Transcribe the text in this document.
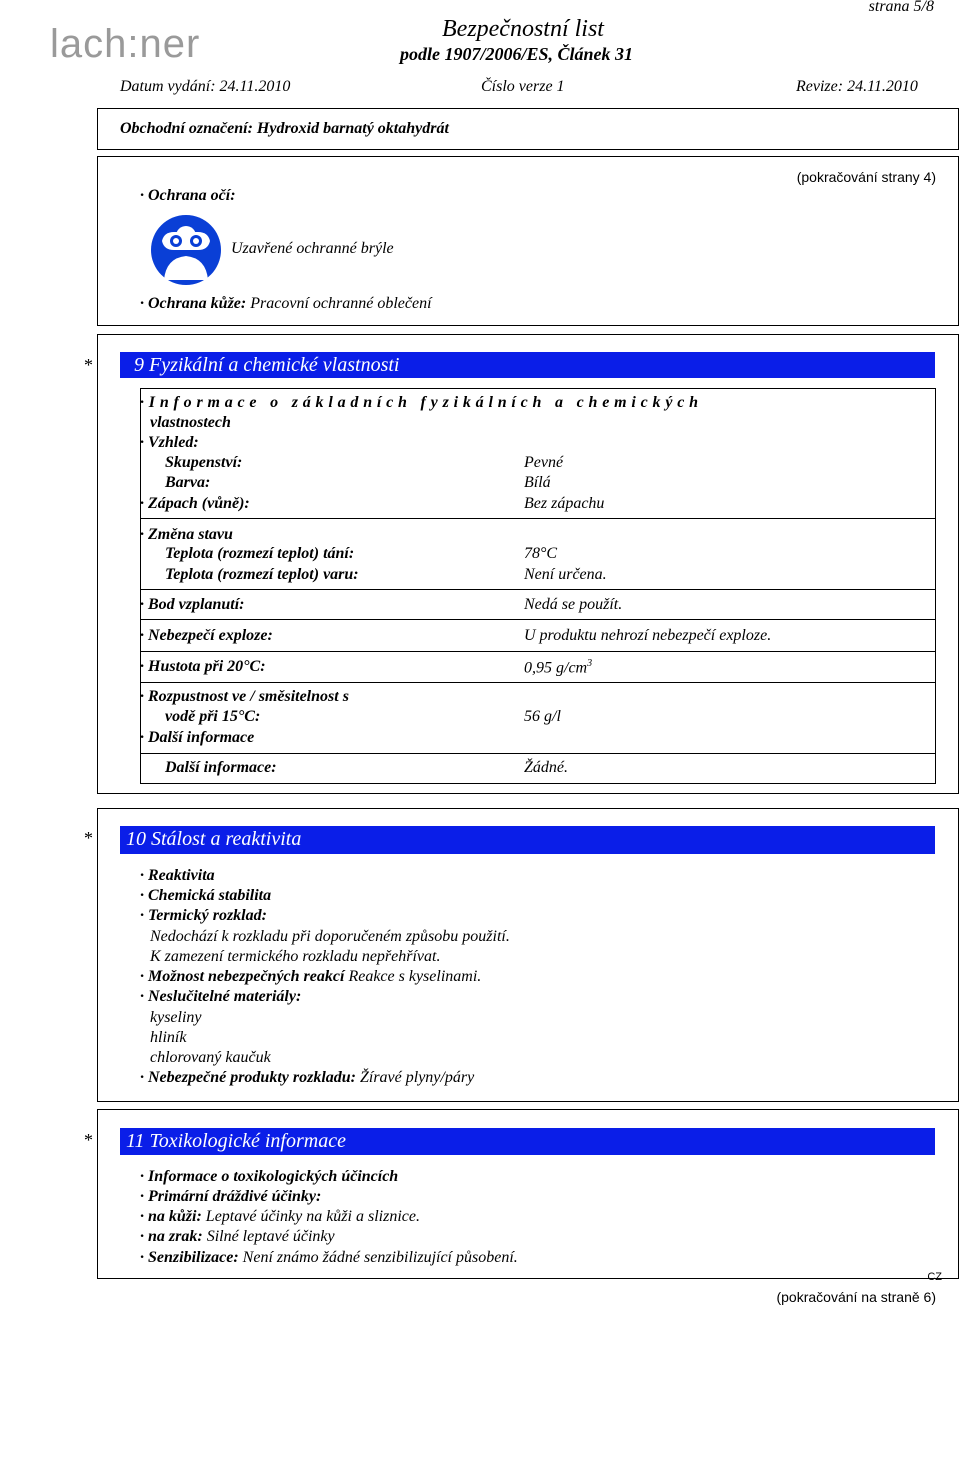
strana 5/8
lach:ner	Bezpečnostní list
podle 1907/2006/ES, Článek 31
Datum vydání: 24.11.2010	Číslo verze 1	Revize: 24.11.2010
Obchodní označení: Hydroxid barnatý oktahydrát
(pokračování strany 4)
· Ochrana očí:
Uzavřené ochranné brýle
· Ochrana kůže: Pracovní ochranné oblečení
*	9 Fyzikální a chemické vlastnosti
· I n f o r m a c e   o   z á k l a d n í c h   f y z i k á l n í c h   a   c h e m i c k ý c h
vlastnostech
· Vzhled:
Skupenství:	Pevné
Barva:	Bílá
· Zápach (vůně):	Bez zápachu
· Změna stavu
Teplota (rozmezí teplot) tání:	78°C
Teplota (rozmezí teplot) varu:	Není určena.
· Bod vzplanutí:	Nedá se použít.
· Nebezpečí exploze:	U produktu nehrozí nebezpečí exploze.
· Hustota při 20°C:	0,95 $g/cm^3$
· Rozpustnost ve / směsitelnost s
vodě při 15°C:	56 g/l
· Další informace
Další informace:	Žádné.
*	10 Stálost a reaktivita
· Reaktivita
· Chemická stabilita
· Termický rozklad:
Nedochází k rozkladu při doporučeném způsobu použití.
K zamezení termického rozkladu nepřehřívat.
· Možnost nebezpečných reakcí Reakce s kyselinami.
· Neslučitelné materiály:
kyseliny
hliník
chlorovaný kaučuk
· Nebezpečné produkty rozkladu: Žíravé plyny/páry
*	11 Toxikologické informace
· Informace o toxikologických účincích
· Primární dráždivé účinky:
· na kůži: Leptavé účinky na kůži a sliznice.
· na zrak: Silné leptavé účinky
· Senzibilizace: Není známo žádné senzibilizující působení.
CZ
(pokračování na straně 6)
